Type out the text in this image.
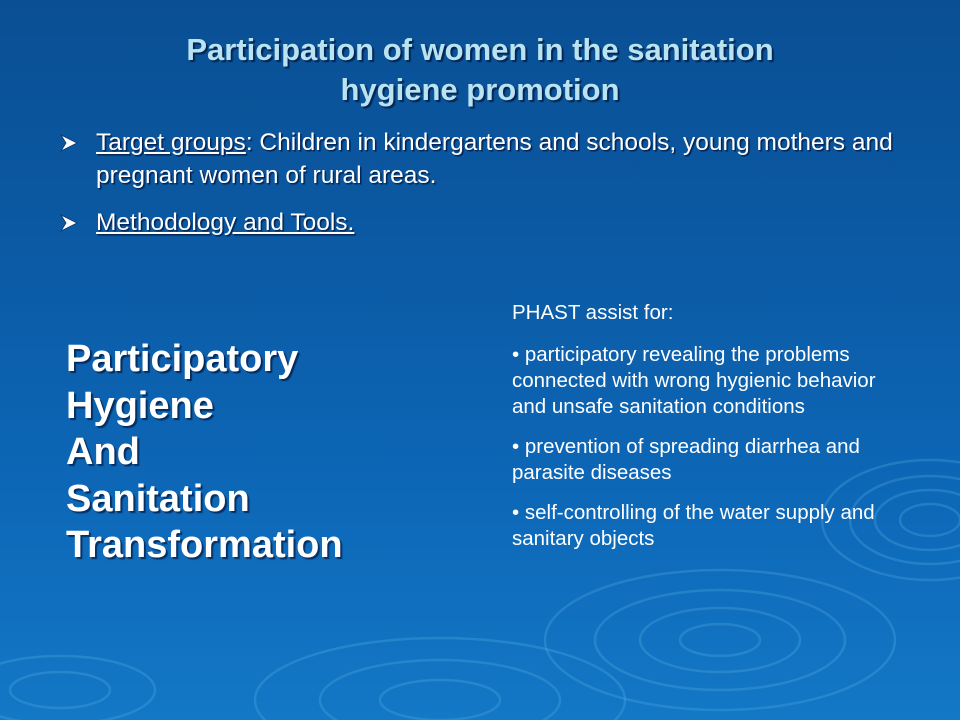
Participation of women in the sanitation
hygiene promotion
Target groups: Children in kindergartens and schools, young mothers and pregnant women of rural areas.
Methodology and Tools.
Participatory
Hygiene
And
Sanitation
Transformation

PHAST assist for:

• participatory revealing the problems connected with wrong hygienic behavior and unsafe sanitation conditions

• prevention of spreading diarrhea and parasite diseases

• self-controlling of the water supply and sanitary objects
